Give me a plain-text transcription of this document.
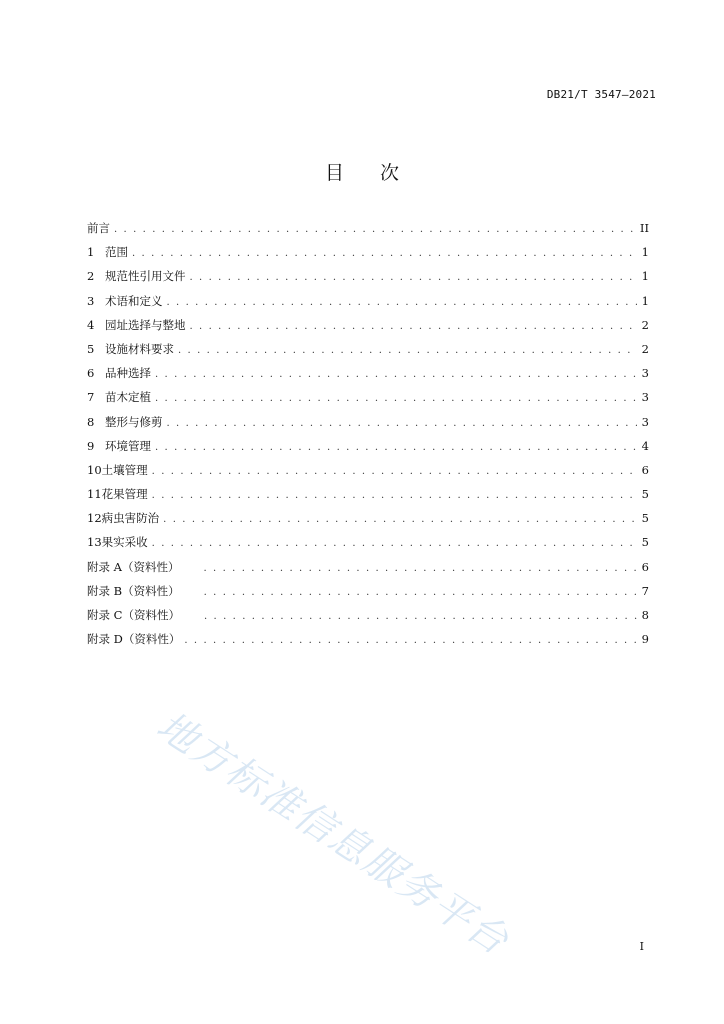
DB21/T 3547—2021
目 次
前言 . . .	II
1 范围 . . .	1
2 规范性引用文件 . . .	1
3 术语和定义 . . .	1
4 园址选择与整地 . . .	2
5 设施材料要求 . . .	2
6 品种选择 . . .	3
7 苗木定植 . . .	3
8 整形与修剪 . . .	3
9 环境管理 . . .	4
10土壤管理 . . .	6
11花果管理 . . .	5
12病虫害防治 . . .	5
13果实采收 . . .	5
附录 A（资料性） . . .	6
附录 B（资料性） . . .	7
附录 C（资料性） . . .	8
附录 D（资料性） . . .	9
地方标准信息服务平台	I
